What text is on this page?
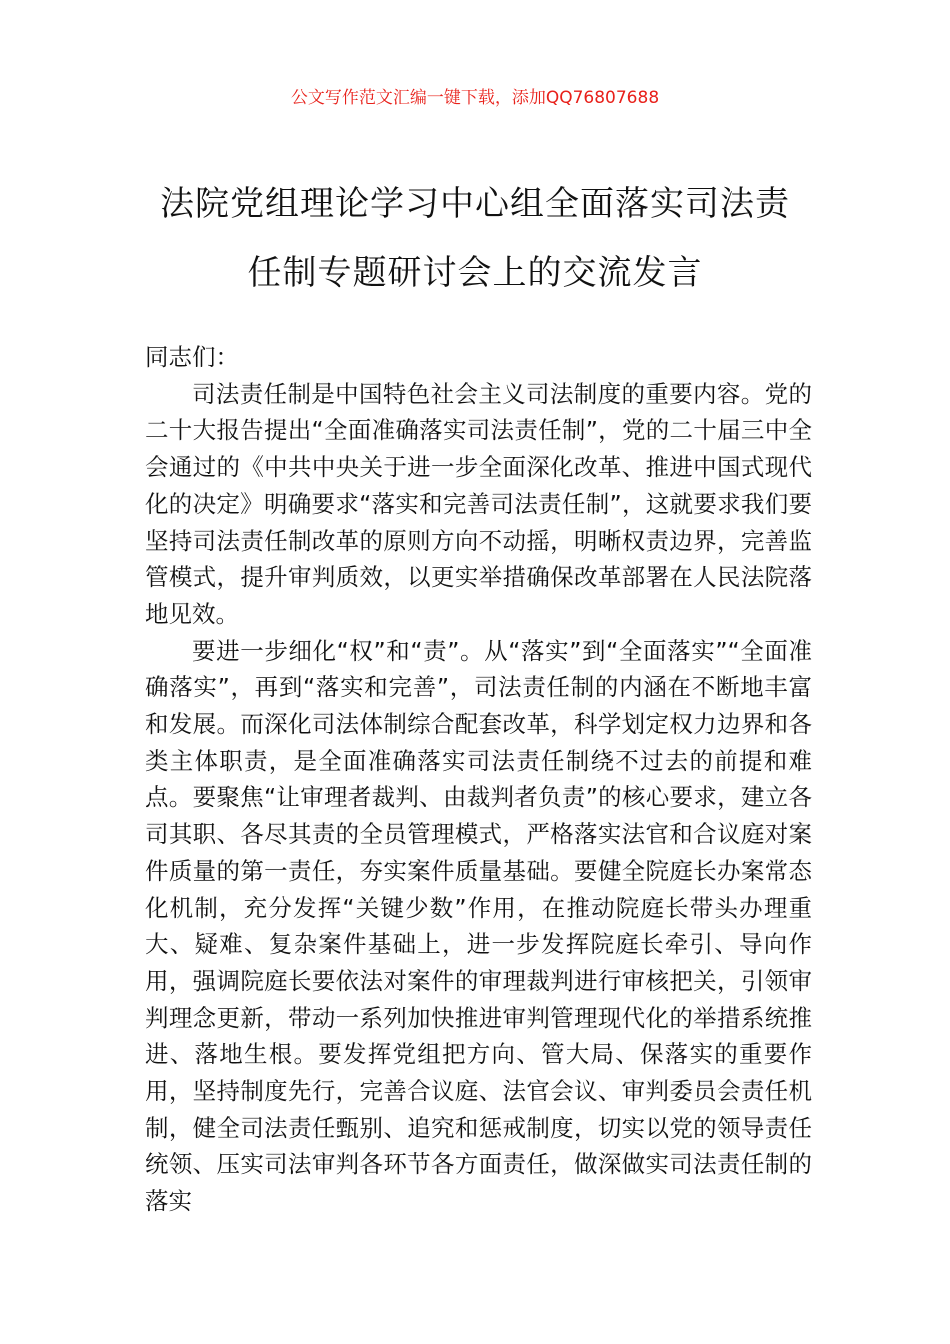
公文写作范文汇编一键下载，添加QQ76807688
法院党组理论学习中心组全面落实司法责
任制专题研讨会上的交流发言

同志们：

司法责任制是中国特色社会主义司法制度的重要内容。党的二十大报告提出“全面准确落实司法责任制”，党的二十届三中全会通过的《中共中央关于进一步全面深化改革、推进中国式现代化的决定》明确要求“落实和完善司法责任制”，这就要求我们要坚持司法责任制改革的原则方向不动摇，明晰权责边界，完善监管模式，提升审判质效，以更实举措确保改革部署在人民法院落地见效。

要进一步细化“权”和“责”。从“落实”到“全面落实”“全面准确落实”，再到“落实和完善”，司法责任制的内涵在不断地丰富和发展。而深化司法体制综合配套改革，科学划定权力边界和各类主体职责，是全面准确落实司法责任制绕不过去的前提和难点。要聚焦“让审理者裁判、由裁判者负责”的核心要求，建立各司其职、各尽其责的全员管理模式，严格落实法官和合议庭对案件质量的第一责任，夯实案件质量基础。要健全院庭长办案常态化机制，充分发挥“关键少数”作用，在推动院庭长带头办理重大、疑难、复杂案件基础上，进一步发挥院庭长牵引、导向作用，强调院庭长要依法对案件的审理裁判进行审核把关，引领审判理念更新，带动一系列加快推进审判管理现代化的举措系统推进、落地生根。要发挥党组把方向、管大局、保落实的重要作用，坚持制度先行，完善合议庭、法官会议、审判委员会责任机制，健全司法责任甄别、追究和惩戒制度，切实以党的领导责任统领、压实司法审判各环节各方面责任，做深做实司法责任制的落实
